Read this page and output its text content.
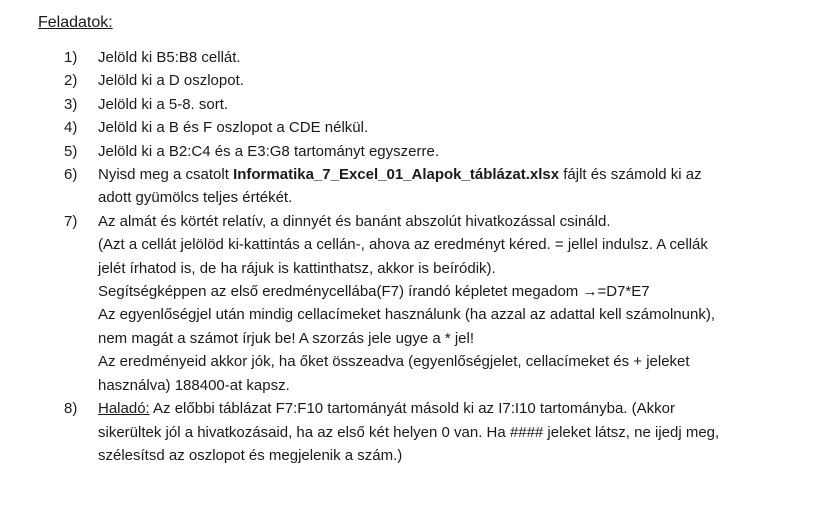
Feladatok:
1)	Jelöld ki B5:B8 cellát.
2)	Jelöld ki a D oszlopot.
3)	Jelöld ki a 5-8. sort.
4)	Jelöld ki a B és F oszlopot a CDE nélkül.
5)	Jelöld ki a B2:C4 és a E3:G8 tartományt egyszerre.
6)	Nyisd meg a csatolt Informatika_7_Excel_01_Alapok_táblázat.xlsx fájlt és számold ki az
adott gyümölcs teljes értékét.
7)	Az almát és körtét relatív, a dinnyét és banánt abszolút hivatkozással csináld.
(Azt a cellát jelölöd ki-kattintás a cellán-, ahova az eredményt kéred. = jellel indulsz. A cellák
jelét írhatod is, de ha rájuk is kattinthatsz, akkor is beíródik).
Segítségképpen az első eredménycellába(F7) írandó képletet megadom →=D7*E7
Az egyenlőségjel után mindig cellacímeket használunk (ha azzal az adattal kell számolnunk),
nem magát a számot írjuk be! A szorzás jele ugye a * jel!
Az eredményeid akkor jók, ha őket összeadva (egyenlőségjelet, cellacímeket és + jeleket
használva) 188400-at kapsz.
8)	Haladó: Az előbbi táblázat F7:F10 tartományát másold ki az I7:I10 tartományba. (Akkor
sikerültek jól a hivatkozásaid, ha az első két helyen 0 van. Ha #### jeleket látsz, ne ijedj meg,
szélesítsd az oszlopot és megjelenik a szám.)
